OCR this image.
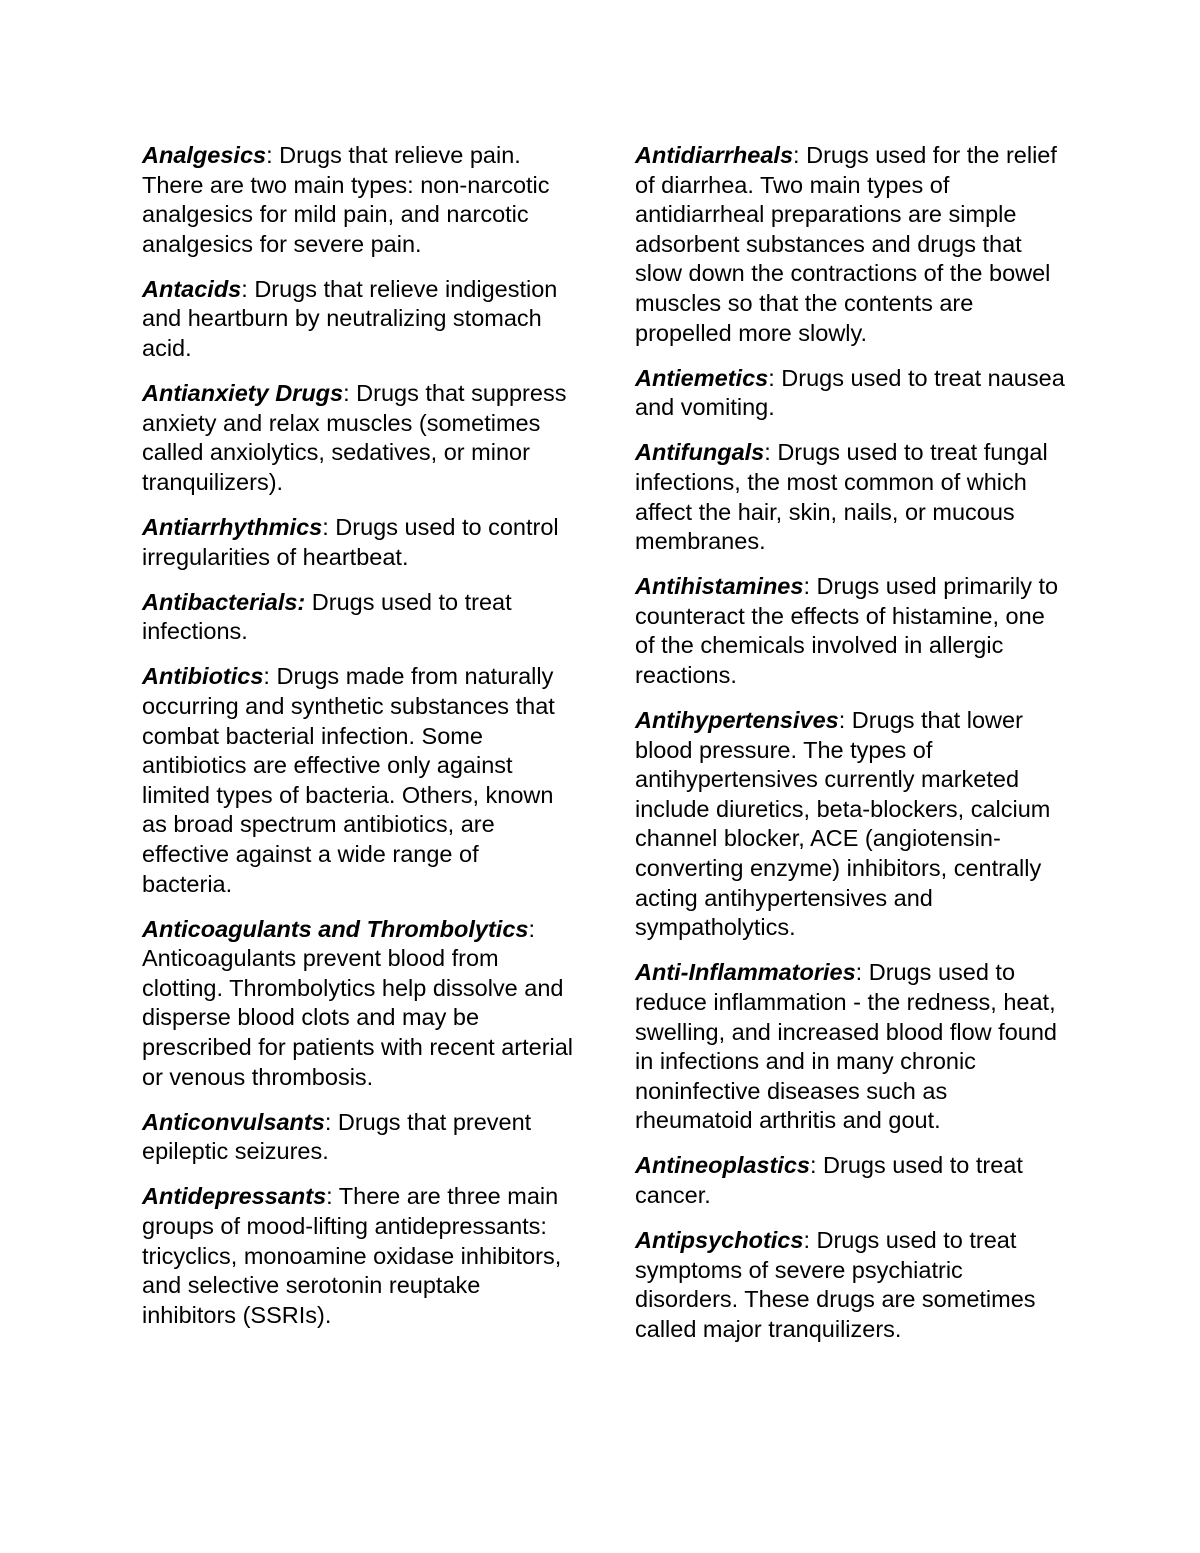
Analgesics: Drugs that relieve pain. There are two main types: non-narcotic analgesics for mild pain, and narcotic analgesics for severe pain.

Antacids: Drugs that relieve indigestion and heartburn by neutralizing stomach acid.

Antianxiety Drugs: Drugs that suppress anxiety and relax muscles (sometimes called anxiolytics, sedatives, or minor tranquilizers).

Antiarrhythmics: Drugs used to control irregularities of heartbeat.

Antibacterials: Drugs used to treat infections.

Antibiotics: Drugs made from naturally occurring and synthetic substances that combat bacterial infection. Some antibiotics are effective only against limited types of bacteria. Others, known as broad spectrum antibiotics, are effective against a wide range of bacteria.

Anticoagulants and Thrombolytics: Anticoagulants prevent blood from clotting. Thrombolytics help dissolve and disperse blood clots and may be prescribed for patients with recent arterial or venous thrombosis.

Anticonvulsants: Drugs that prevent epileptic seizures.

Antidepressants: There are three main groups of mood-lifting antidepressants: tricyclics, monoamine oxidase inhibitors, and selective serotonin reuptake inhibitors (SSRIs).

Antidiarrheals: Drugs used for the relief of diarrhea. Two main types of antidiarrheal preparations are simple adsorbent substances and drugs that slow down the contractions of the bowel muscles so that the contents are propelled more slowly.

Antiemetics: Drugs used to treat nausea and vomiting.

Antifungals: Drugs used to treat fungal infections, the most common of which affect the hair, skin, nails, or mucous membranes.

Antihistamines: Drugs used primarily to counteract the effects of histamine, one of the chemicals involved in allergic reactions.

Antihypertensives: Drugs that lower blood pressure. The types of antihypertensives currently marketed include diuretics, beta-blockers, calcium channel blocker, ACE (angiotensin- converting enzyme) inhibitors, centrally acting antihypertensives and sympatholytics.

Anti-Inflammatories: Drugs used to reduce inflammation - the redness, heat, swelling, and increased blood flow found in infections and in many chronic noninfective diseases such as rheumatoid arthritis and gout.

Antineoplastics: Drugs used to treat cancer.

Antipsychotics: Drugs used to treat symptoms of severe psychiatric disorders. These drugs are sometimes called major tranquilizers.
